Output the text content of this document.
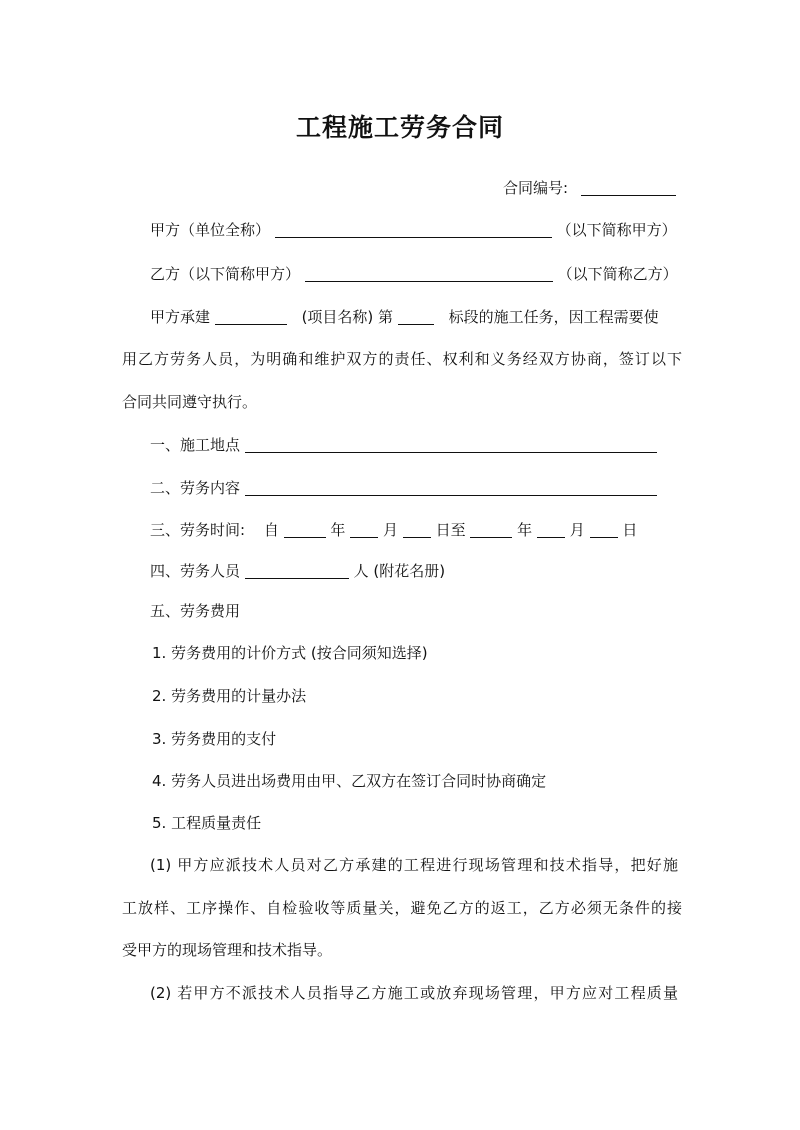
工程施工劳务合同
合同编号:
甲方（单位全称）	（以下简称甲方）
乙方（以下简称甲方）	（以下简称乙方）
甲方承建	(项目名称) 第	标段的施工任务，因工程需要使
用乙方劳务人员，为明确和维护双方的责任、权利和义务经双方协商，签订以下
合同共同遵守执行。
一、施工地点
二、劳务内容
三、劳务时间: 自	年	月	日至	年	月	日
四、劳务人员	人 (附花名册)
五、劳务费用
1. 劳务费用的计价方式 (按合同须知选择)
2. 劳务费用的计量办法
3. 劳务费用的支付
4. 劳务人员进出场费用由甲、乙双方在签订合同时协商确定
5. 工程质量责任
(1) 甲方应派技术人员对乙方承建的工程进行现场管理和技术指导，把好施
工放样、工序操作、自检验收等质量关，避免乙方的返工，乙方必须无条件的接
受甲方的现场管理和技术指导。
(2) 若甲方不派技术人员指导乙方施工或放弃现场管理，甲方应对工程质量
